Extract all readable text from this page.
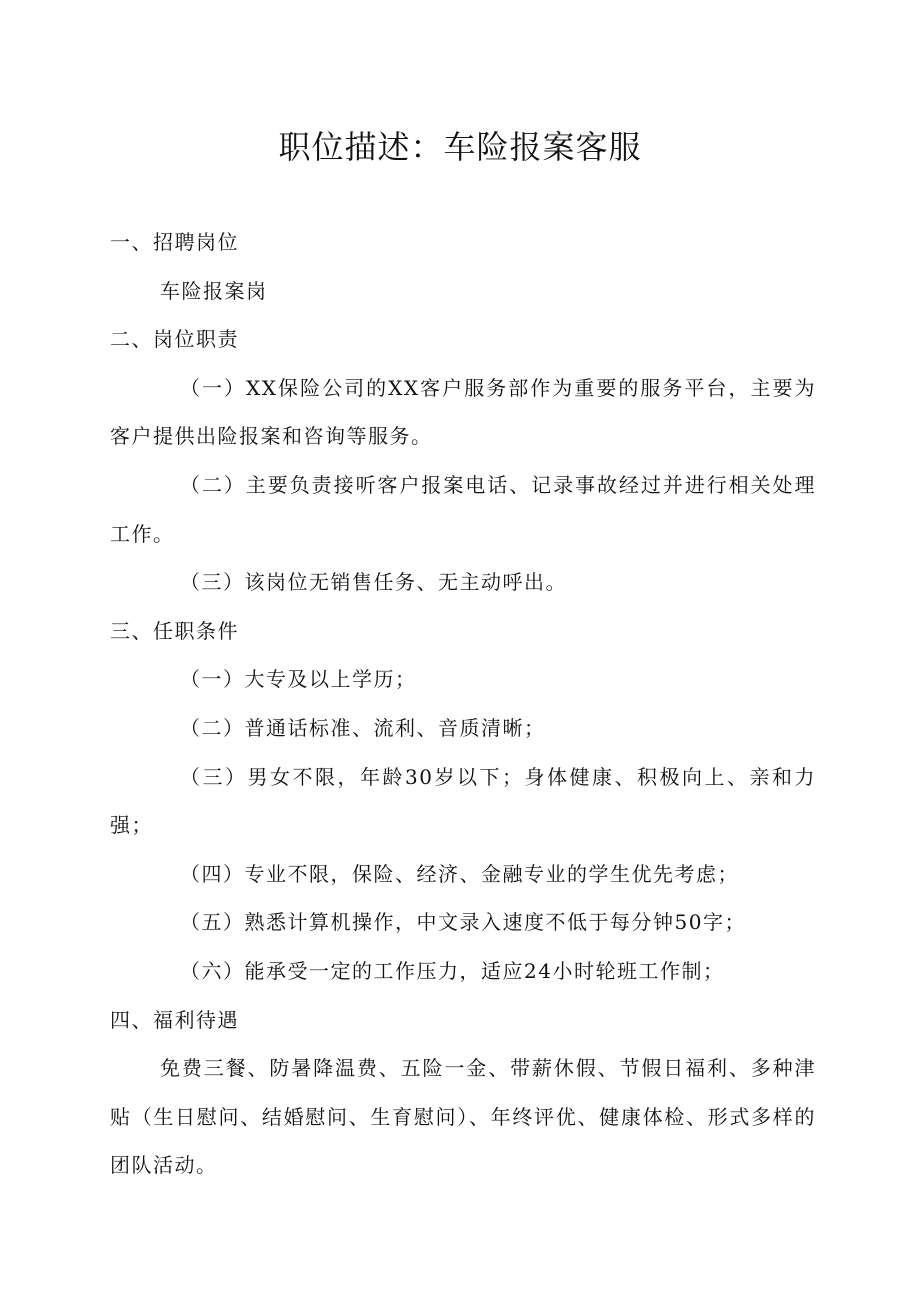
职位描述：车险报案客服

一、招聘岗位

车险报案岗

二、岗位职责

（一）XX保险公司的XX客户服务部作为重要的服务平台，主要为客户提供出险报案和咨询等服务。

（二）主要负责接听客户报案电话、记录事故经过并进行相关处理工作。

（三）该岗位无销售任务、无主动呼出。

三、任职条件

（一）大专及以上学历；

（二）普通话标准、流利、音质清晰；

（三）男女不限，年龄30岁以下；身体健康、积极向上、亲和力强；

（四）专业不限，保险、经济、金融专业的学生优先考虑；

（五）熟悉计算机操作，中文录入速度不低于每分钟50字；

（六）能承受一定的工作压力，适应24小时轮班工作制；

四、福利待遇

免费三餐、防暑降温费、五险一金、带薪休假、节假日福利、多种津贴（生日慰问、结婚慰问、生育慰问）、年终评优、健康体检、形式多样的团队活动。
